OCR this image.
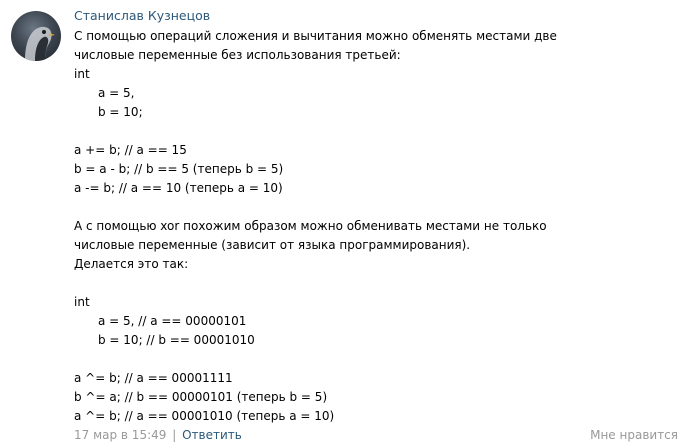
Станислав Кузнецов
С помощью операций сложения и вычитания можно обменять местами две
числовые переменные без использования третьей:
int
a = 5,
b = 10;
a += b; // a == 15
b = a - b; // b == 5 (теперь b = 5)
a -= b; // a == 10 (теперь a = 10)
А с помощью xor похожим образом можно обменивать местами не только
числовые переменные (зависит от языка программирования).
Делается это так:
int
a = 5, // a == 00000101
b = 10; // b == 00001010
a ^= b; // a == 00001111
b ^= a; // b == 00000101 (теперь b = 5)
a ^= b; // a == 00001010 (теперь a = 10)
17 мар в 15:49 | Ответить	Мне нравится
